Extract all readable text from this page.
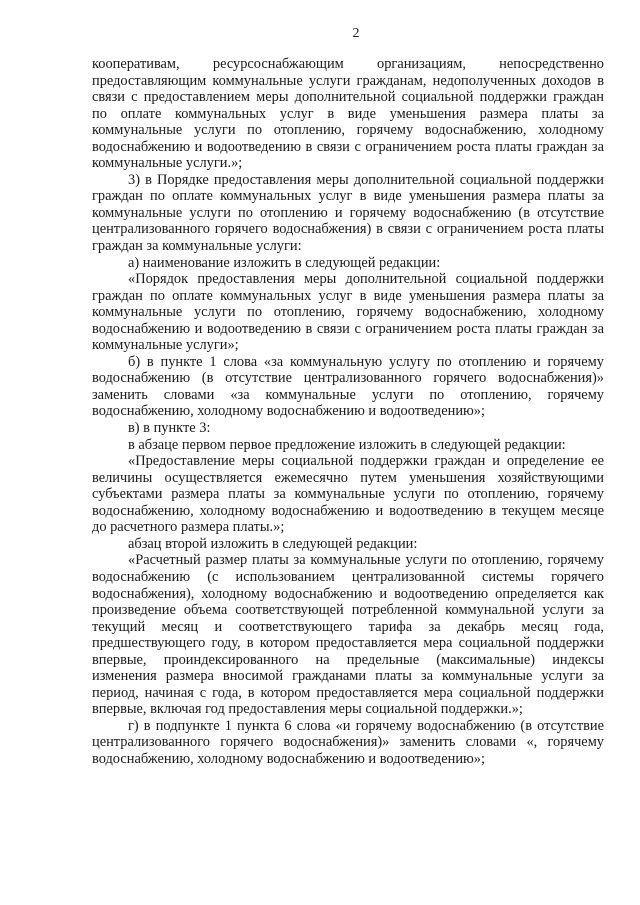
2

кооперативам, ресурсоснабжающим организациям, непосредственно предоставляющим коммунальные услуги гражданам, недополученных доходов в связи с предоставлением меры дополнительной социальной поддержки граждан по оплате коммунальных услуг в виде уменьшения размера платы за коммунальные услуги по отоплению, горячему водоснабжению, холодному водоснабжению и водоотведению в связи с ограничением роста платы граждан за коммунальные услуги.»;

3) в Порядке предоставления меры дополнительной социальной поддержки граждан по оплате коммунальных услуг в виде уменьшения размера платы за коммунальные услуги по отоплению и горячему водоснабжению (в отсутствие централизованного горячего водоснабжения) в связи с ограничением роста платы граждан за коммунальные услуги:

а) наименование изложить в следующей редакции:

«Порядок предоставления меры дополнительной социальной поддержки граждан по оплате коммунальных услуг в виде уменьшения размера платы за коммунальные услуги по отоплению, горячему водоснабжению, холодному водоснабжению и водоотведению в связи с ограничением роста платы граждан за коммунальные услуги»;

б) в пункте 1 слова «за коммунальную услугу по отоплению и горячему водоснабжению (в отсутствие централизованного горячего водоснабжения)» заменить словами «за коммунальные услуги по отоплению, горячему водоснабжению, холодному водоснабжению и водоотведению»;

в) в пункте 3:

в абзаце первом первое предложение изложить в следующей редакции:

«Предоставление меры социальной поддержки граждан и определение ее величины осуществляется ежемесячно путем уменьшения хозяйствующими субъектами размера платы за коммунальные услуги по отоплению, горячему водоснабжению, холодному водоснабжению и водоотведению в текущем месяце до расчетного размера платы.»;

абзац второй изложить в следующей редакции:

«Расчетный размер платы за коммунальные услуги по отоплению, горячему водоснабжению (с использованием централизованной системы горячего водоснабжения), холодному водоснабжению и водоотведению определяется как произведение объема соответствующей потребленной коммунальной услуги за текущий месяц и соответствующего тарифа за декабрь месяц года, предшествующего году, в котором предоставляется мера социальной поддержки впервые, проиндексированного на предельные (максимальные) индексы изменения размера вносимой гражданами платы за коммунальные услуги за период, начиная с года, в котором предоставляется мера социальной поддержки впервые, включая год предоставления меры социальной поддержки.»;

г) в подпункте 1 пункта 6 слова «и горячему водоснабжению (в отсутствие централизованного горячего водоснабжения)» заменить словами «, горячему водоснабжению, холодному водоснабжению и водоотведению»;
